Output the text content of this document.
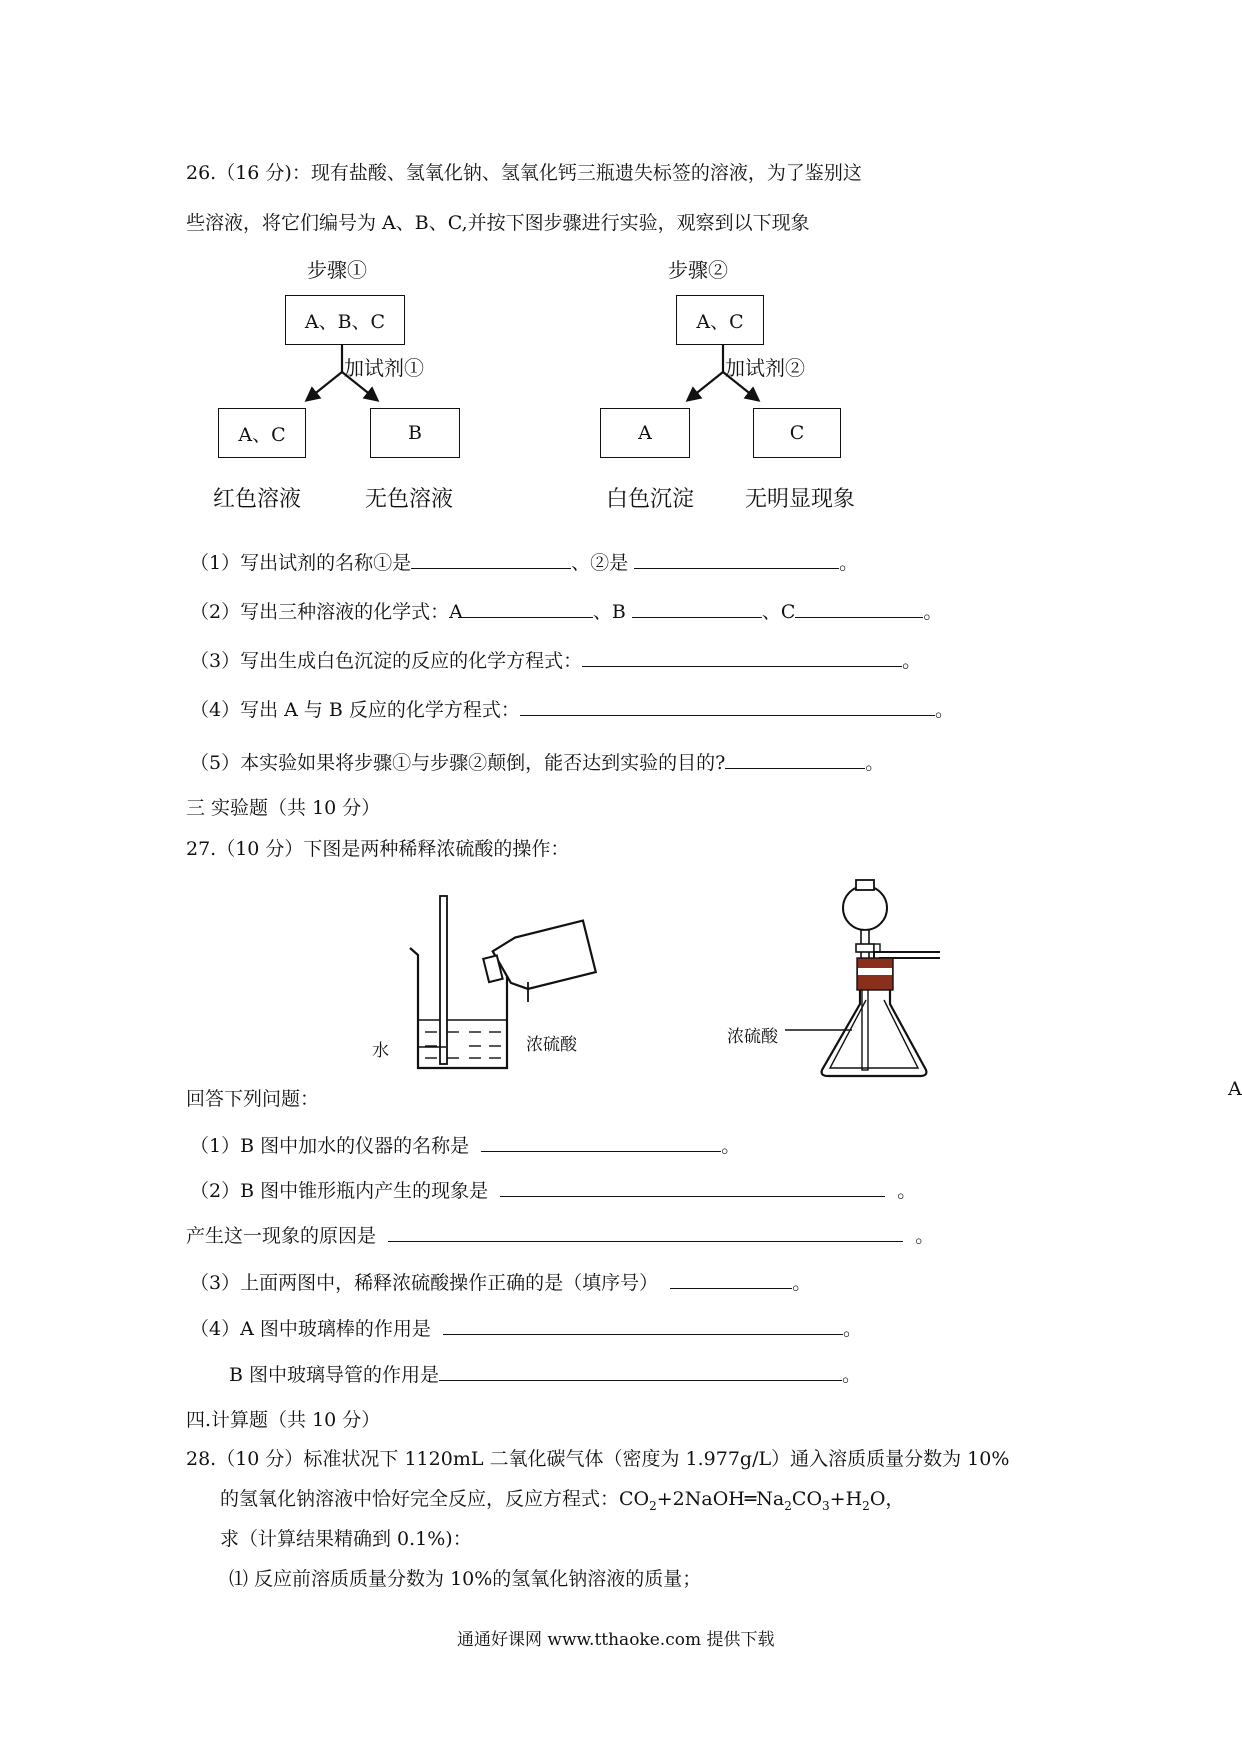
26.（16 分)：现有盐酸、氢氧化钠、氢氧化钙三瓶遗失标签的溶液，为了鉴别这
些溶液，将它们编号为 A、B、C,并按下图步骤进行实验，观察到以下现象
步骤①
A、B、C
加试剂①
A、C	B
红色溶液	无色溶液
步骤②
A、C
加试剂②
A	C
白色沉淀 无明显现象
（1）写出试剂的名称①是	、②是	。
（2）写出三种溶液的化学式：A	、B	、C	。
（3）写出生成白色沉淀的反应的化学方程式：	。
（4）写出 A 与 B 反应的化学方程式：	。
（5）本实验如果将步骤①与步骤②颠倒，能否达到实验的目的?	。
三 实验题（共 10 分）
27.（10 分）下图是两种稀释浓硫酸的操作：
水	浓硫酸	浓硫酸
A
回答下列问题：
（1）B 图中加水的仪器的名称是	。
（2）B 图中锥形瓶内产生的现象是	。
产生这一现象的原因是	。
（3）上面两图中，稀释浓硫酸操作正确的是（填序号）	。
（4）A 图中玻璃棒的作用是	。
B 图中玻璃导管的作用是	。
四.计算题（共 10 分）
28.（10 分）标准状况下 1120mL 二氧化碳气体（密度为 1.977g/L）通入溶质质量分数为 10%
的氢氧化钠溶液中恰好完全反应，反应方程式：$CO_2+2NaOH═Na_2CO_3+H_2O$，
求（计算结果精确到 0.1%)：
⑴ 反应前溶质质量分数为 10%的氢氧化钠溶液的质量；
通通好课网 www.tthaoke.com 提供下载
